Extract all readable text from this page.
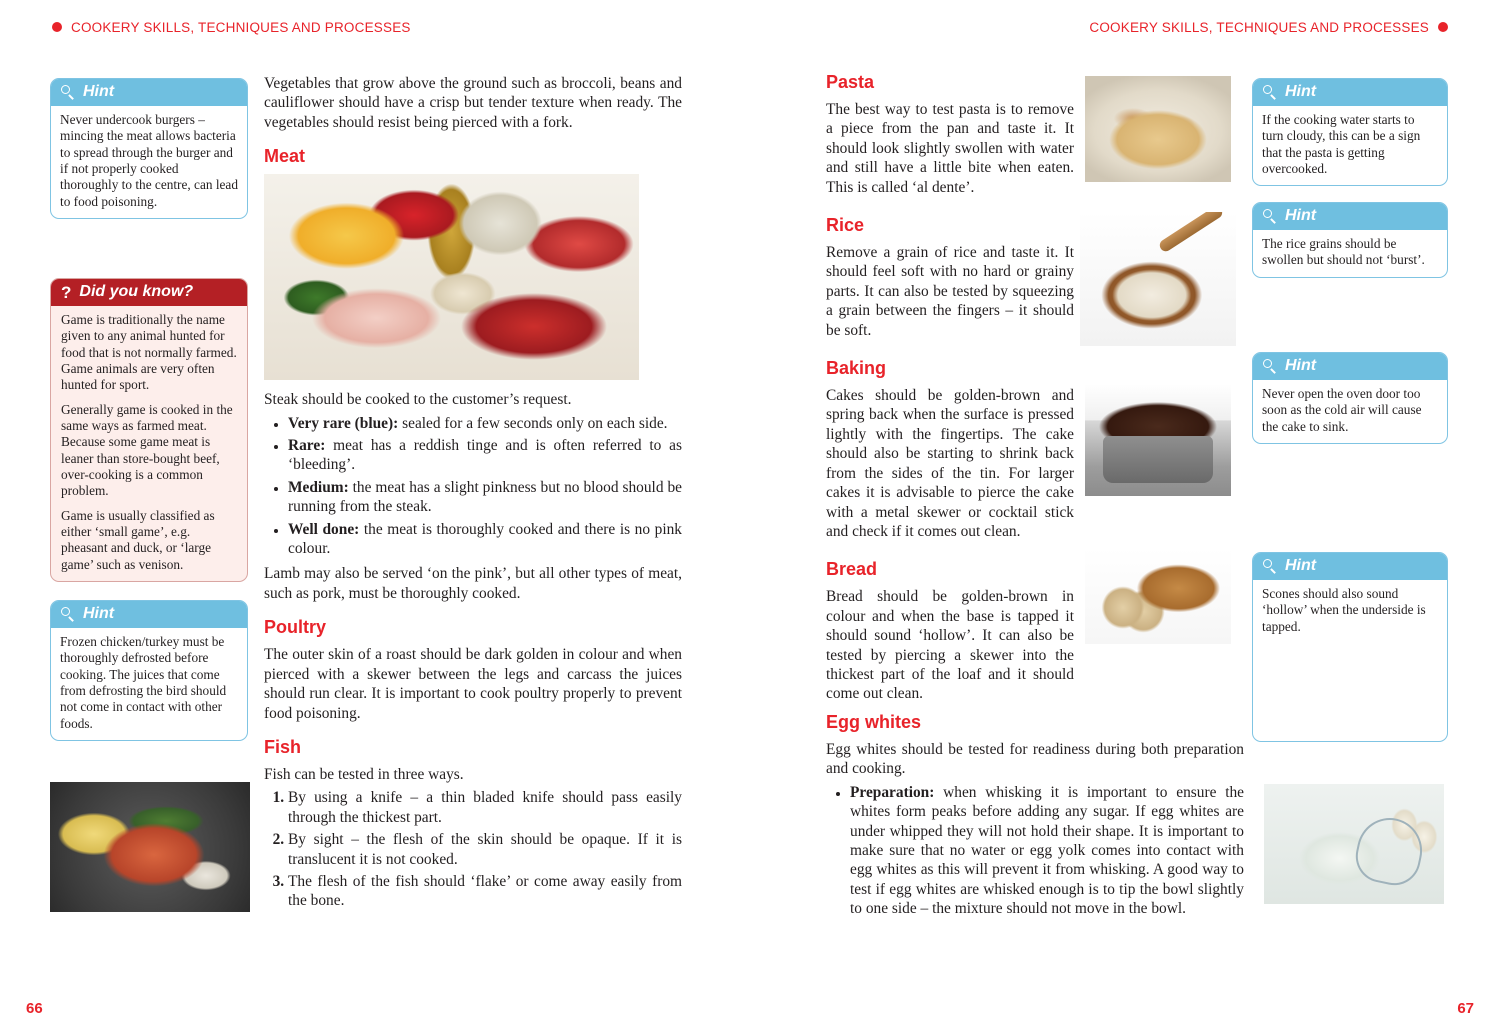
COOKERY SKILLS, TECHNIQUES AND PROCESSES	COOKERY SKILLS, TECHNIQUES AND PROCESSES
66	67
Hint
Never undercook burgers – mincing the meat allows bacteria to spread through the burger and if not properly cooked thoroughly to the centre, can lead to food poisoning.
? Did you know?

Game is traditionally the name given to any animal hunted for food that is not normally farmed. Game animals are very often hunted for sport.

Generally game is cooked in the same ways as farmed meat. Because some game meat is leaner than store-bought beef, over-cooking is a common problem.

Game is usually classified as either ‘small game’, e.g. pheasant and duck, or ‘large game’ such as venison.

Hint
Frozen chicken/turkey must be thoroughly defrosted before cooking. The juices that come from defrosting the bird should not come in contact with other foods.

Vegetables that grow above the ground such as broccoli, beans and cauliflower should have a crisp but tender texture when ready. The vegetables should resist being pierced with a fork.

Meat

Steak should be cooked to the customer’s request.

• Very rare (blue): sealed for a few seconds only on each side.
• Rare: meat has a reddish tinge and is often referred to as ‘bleeding’.
• Medium: the meat has a slight pinkness but no blood should be running from the steak.
• Well done: the meat is thoroughly cooked and there is no pink colour.

Lamb may also be served ‘on the pink’, but all other types of meat, such as pork, must be thoroughly cooked.

Poultry

The outer skin of a roast should be dark golden in colour and when pierced with a skewer between the legs and carcass the juices should run clear. It is important to cook poultry properly to prevent food poisoning.

Fish

Fish can be tested in three ways.

1. By using a knife – a thin bladed knife should pass easily through the thickest part.
2. By sight – the flesh of the skin should be opaque. If it is translucent it is not cooked.
3. The flesh of the fish should ‘flake’ or come away easily from the bone.
Pasta

The best way to test pasta is to remove a piece from the pan and taste it. It should look slightly swollen with water and still have a little bite when eaten. This is called ‘al dente’.

Rice

Remove a grain of rice and taste it. It should feel soft with no hard or grainy parts. It can also be tested by squeezing a grain between the fingers – it should be soft.

Baking

Cakes should be golden-brown and spring back when the surface is pressed lightly with the fingertips. The cake should also be starting to shrink back from the sides of the tin. For larger cakes it is advisable to pierce the cake with a metal skewer or cocktail stick and check if it comes out clean.

Bread

Bread should be golden-brown in colour and when the base is tapped it should sound ‘hollow’. It can also be tested by piercing a skewer into the thickest part of the loaf and it should come out clean.

Egg whites

Egg whites should be tested for readiness during both preparation and cooking.

• Preparation: when whisking it is important to ensure the whites form peaks before adding any sugar. If egg whites are under whipped they will not hold their shape. It is important to make sure that no water or egg yolk comes into contact with egg whites as this will prevent it from whisking. A good way to test if egg whites are whisked enough is to tip the bowl slightly to one side – the mixture should not move in the bowl.
Hint
If the cooking water starts to turn cloudy, this can be a sign that the pasta is getting overcooked.
Hint
The rice grains should be swollen but should not ‘burst’.
Hint
Never open the oven door too soon as the cold air will cause the cake to sink.
Hint
Scones should also sound ‘hollow’ when the underside is tapped.
